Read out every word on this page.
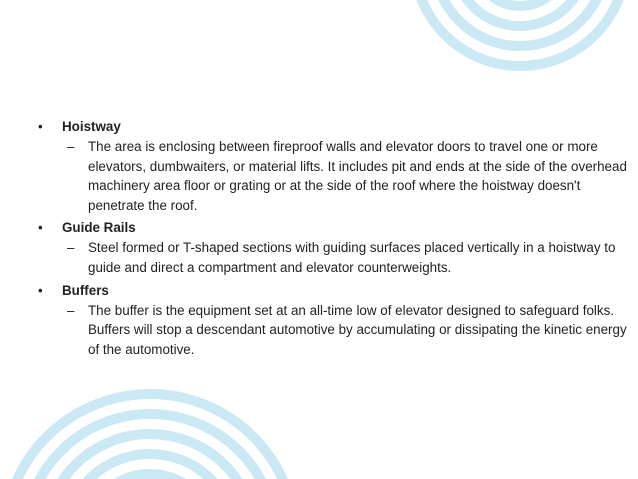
• Hoistway
– The area is enclosing between fireproof walls and elevator doors to travel one or more elevators, dumbwaiters, or material lifts. It includes pit and ends at the side of the overhead machinery area floor or grating or at the side of the roof where the hoistway doesn't penetrate the roof.
• Guide Rails
– Steel formed or T-shaped sections with guiding surfaces placed vertically in a hoistway to guide and direct a compartment and elevator counterweights.
• Buffers
– The buffer is the equipment set at an all-time low of elevator designed to safeguard folks. Buffers will stop a descendant automotive by accumulating or dissipating the kinetic energy of the automotive.
